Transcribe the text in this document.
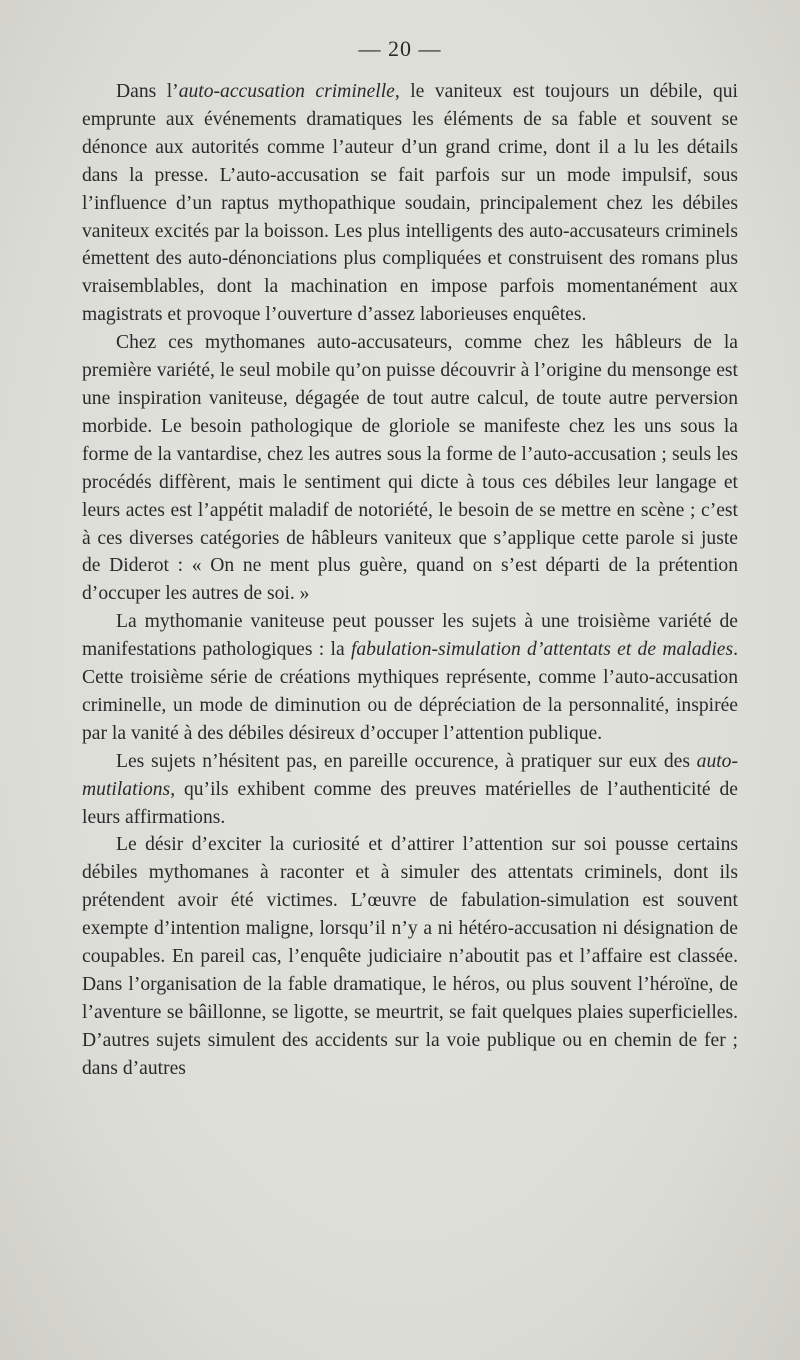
— 20 —

Dans l’auto-accusation criminelle, le vaniteux est toujours un débile, qui emprunte aux événements dramatiques les éléments de sa fable et souvent se dénonce aux autorités comme l’auteur d’un grand crime, dont il a lu les détails dans la presse. L’auto-accusation se fait parfois sur un mode impulsif, sous l’influence d’un raptus mythopathique soudain, principalement chez les débiles vaniteux excités par la boisson. Les plus intelligents des auto-accusateurs criminels émettent des auto-dénonciations plus compliquées et construisent des romans plus vraisemblables, dont la machination en impose parfois momentanément aux magistrats et provoque l’ouverture d’assez laborieuses enquêtes.

Chez ces mythomanes auto-accusateurs, comme chez les hâbleurs de la première variété, le seul mobile qu’on puisse découvrir à l’origine du mensonge est une inspiration vaniteuse, dégagée de tout autre calcul, de toute autre perversion morbide. Le besoin pathologique de gloriole se manifeste chez les uns sous la forme de la vantardise, chez les autres sous la forme de l’auto-accusation ; seuls les procédés diffèrent, mais le sentiment qui dicte à tous ces débiles leur langage et leurs actes est l’appétit maladif de notoriété, le besoin de se mettre en scène ; c’est à ces diverses catégories de hâbleurs vaniteux que s’applique cette parole si juste de Diderot : « On ne ment plus guère, quand on s’est départi de la prétention d’occuper les autres de soi. »

La mythomanie vaniteuse peut pousser les sujets à une troisième variété de manifestations pathologiques : la fabulation-simulation d’attentats et de maladies. Cette troisième série de créations mythiques représente, comme l’auto-accusation criminelle, un mode de diminution ou de dépréciation de la personnalité, inspirée par la vanité à des débiles désireux d’occuper l’attention publique.

Les sujets n’hésitent pas, en pareille occurence, à pratiquer sur eux des auto-mutilations, qu’ils exhibent comme des preuves matérielles de l’authenticité de leurs affirmations.

Le désir d’exciter la curiosité et d’attirer l’attention sur soi pousse certains débiles mythomanes à raconter et à simuler des attentats criminels, dont ils prétendent avoir été victimes. L’œuvre de fabulation-simulation est souvent exempte d’intention maligne, lorsqu’il n’y a ni hétéro-accusation ni désignation de coupables. En pareil cas, l’enquête judiciaire n’aboutit pas et l’affaire est classée. Dans l’organisation de la fable dramatique, le héros, ou plus souvent l’héroïne, de l’aventure se bâillonne, se ligotte, se meurtrit, se fait quelques plaies superficielles. D’autres sujets simulent des accidents sur la voie publique ou en chemin de fer ; dans d’autres
